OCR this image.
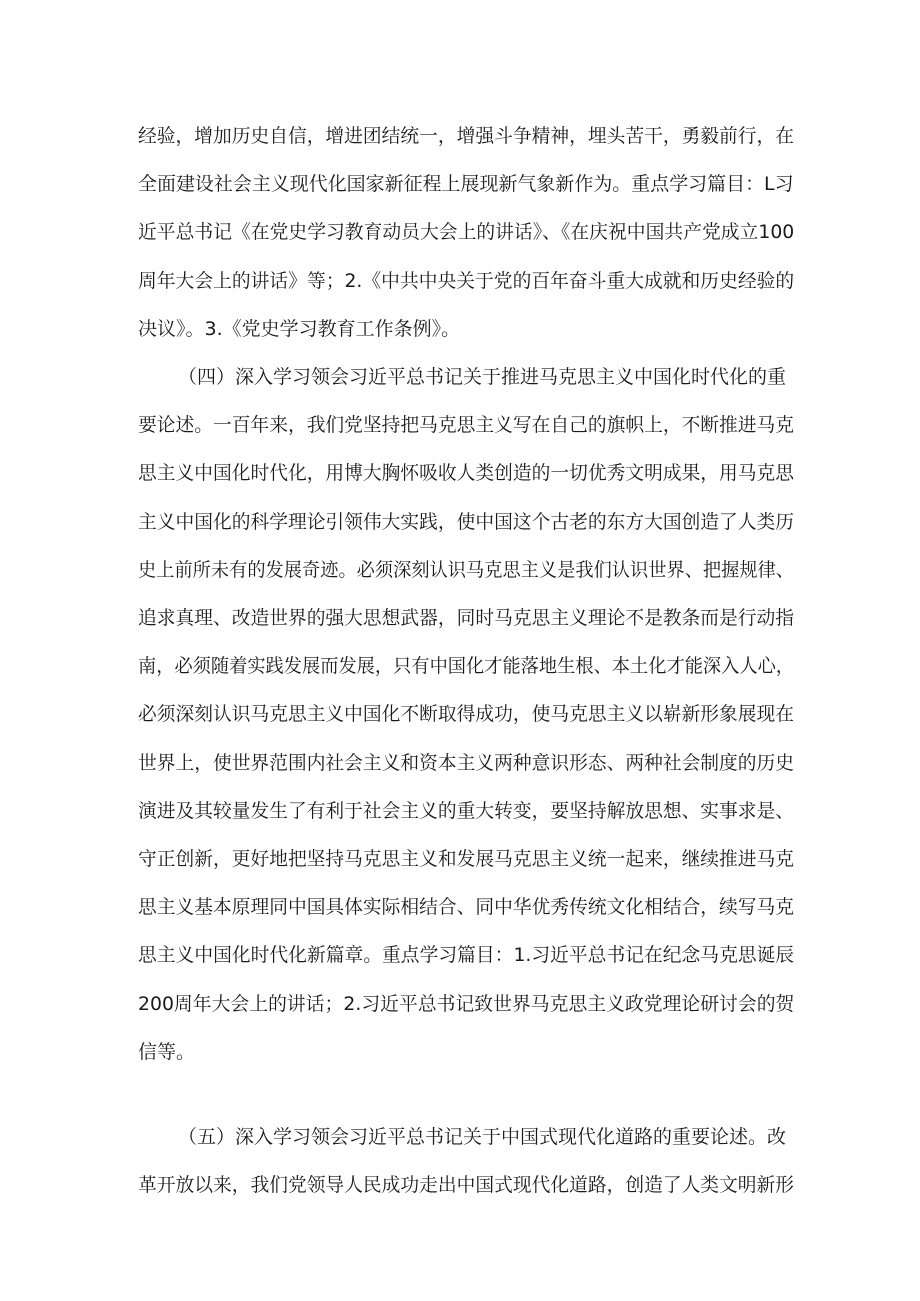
经验，增加历史自信，增进团结统一，增强斗争精神，埋头苦干，勇毅前行，在
全面建设社会主义现代化国家新征程上展现新气象新作为。重点学习篇目：L习
近平总书记《在党史学习教育动员大会上的讲话》、《在庆祝中国共产党成立100
周年大会上的讲话》等；2.《中共中央关于党的百年奋斗重大成就和历史经验的
决议》。3.《党史学习教育工作条例》。
（四）深入学习领会习近平总书记关于推进马克思主义中国化时代化的重
要论述。一百年来，我们党坚持把马克思主义写在自己的旗帜上，不断推进马克
思主义中国化时代化，用博大胸怀吸收人类创造的一切优秀文明成果，用马克思
主义中国化的科学理论引领伟大实践，使中国这个古老的东方大国创造了人类历
史上前所未有的发展奇迹。必须深刻认识马克思主义是我们认识世界、把握规律、
追求真理、改造世界的强大思想武器，同时马克思主义理论不是教条而是行动指
南，必须随着实践发展而发展，只有中国化才能落地生根、本土化才能深入人心，
必须深刻认识马克思主义中国化不断取得成功，使马克思主义以崭新形象展现在
世界上，使世界范围内社会主义和资本主义两种意识形态、两种社会制度的历史
演进及其较量发生了有利于社会主义的重大转变，要坚持解放思想、实事求是、
守正创新，更好地把坚持马克思主义和发展马克思主义统一起来，继续推进马克
思主义基本原理同中国具体实际相结合、同中华优秀传统文化相结合，续写马克
思主义中国化时代化新篇章。重点学习篇目：1.习近平总书记在纪念马克思诞辰
200周年大会上的讲话；2.习近平总书记致世界马克思主义政党理论研讨会的贺
信等。
（五）深入学习领会习近平总书记关于中国式现代化道路的重要论述。改
革开放以来，我们党领导人民成功走出中国式现代化道路，创造了人类文明新形
